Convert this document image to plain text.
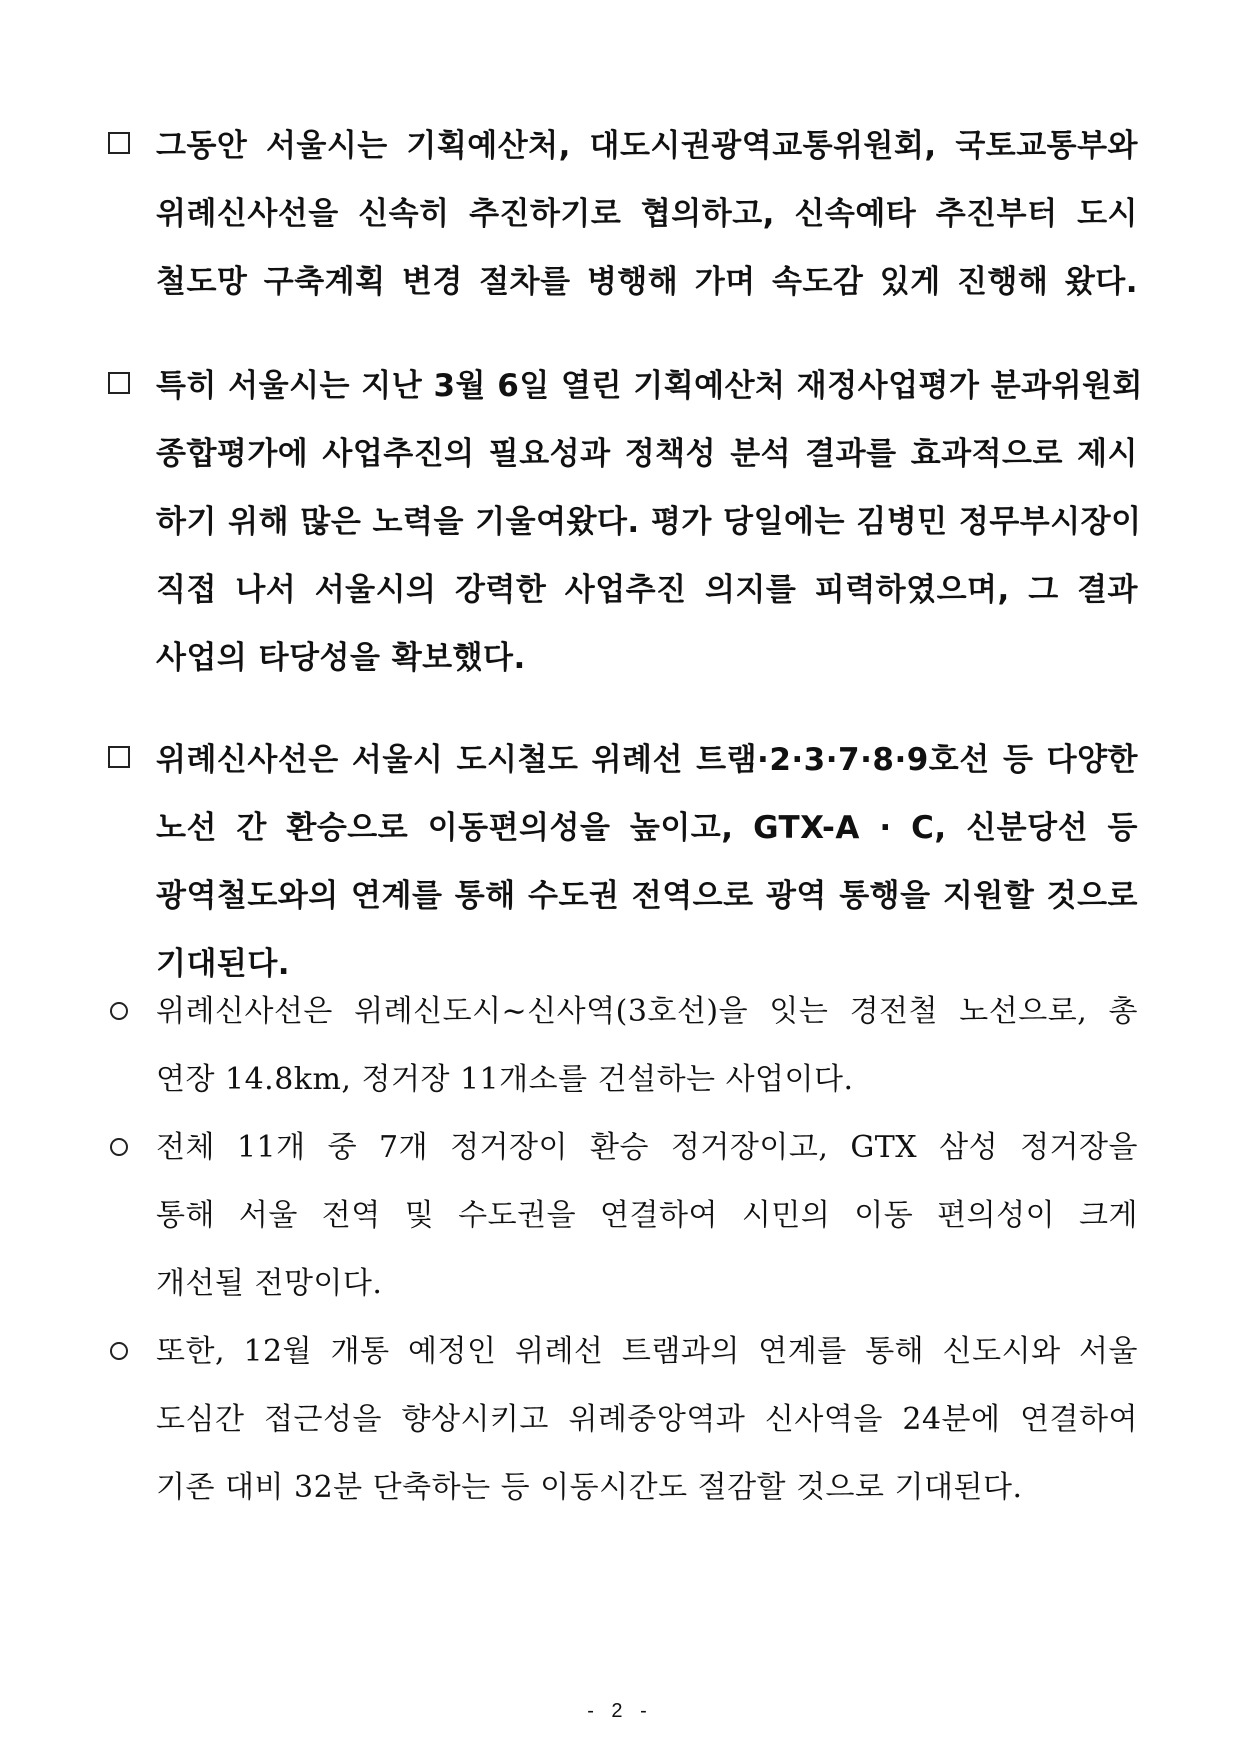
그동안 서울시는 기획예산처, 대도시권광역교통위원회, 국토교통부와
위례신사선을 신속히 추진하기로 협의하고, 신속예타 추진부터 도시
철도망 구축계획 변경 절차를 병행해 가며 속도감 있게 진행해 왔다.
특히 서울시는 지난 3월 6일 열린 기획예산처 재정사업평가 분과위원회
종합평가에 사업추진의 필요성과 정책성 분석 결과를 효과적으로 제시
하기 위해 많은 노력을 기울여왔다. 평가 당일에는 김병민 정무부시장이
직접 나서 서울시의 강력한 사업추진 의지를 피력하였으며, 그 결과
사업의 타당성을 확보했다.
위례신사선은 서울시 도시철도 위례선 트램·2·3·7·8·9호선 등 다양한
노선 간 환승으로 이동편의성을 높이고, GTX-A · C, 신분당선 등
광역철도와의 연계를 통해 수도권 전역으로 광역 통행을 지원할 것으로
기대된다.
위례신사선은 위례신도시∼신사역(3호선)을 잇는 경전철 노선으로, 총
연장 14.8km, 정거장 11개소를 건설하는 사업이다.
전체 11개 중 7개 정거장이 환승 정거장이고, GTX 삼성 정거장을
통해 서울 전역 및 수도권을 연결하여 시민의 이동 편의성이 크게
개선될 전망이다.
또한, 12월 개통 예정인 위례선 트램과의 연계를 통해 신도시와 서울
도심간 접근성을 향상시키고 위례중앙역과 신사역을 24분에 연결하여
기존 대비 32분 단축하는 등 이동시간도 절감할 것으로 기대된다.
- 2 -
